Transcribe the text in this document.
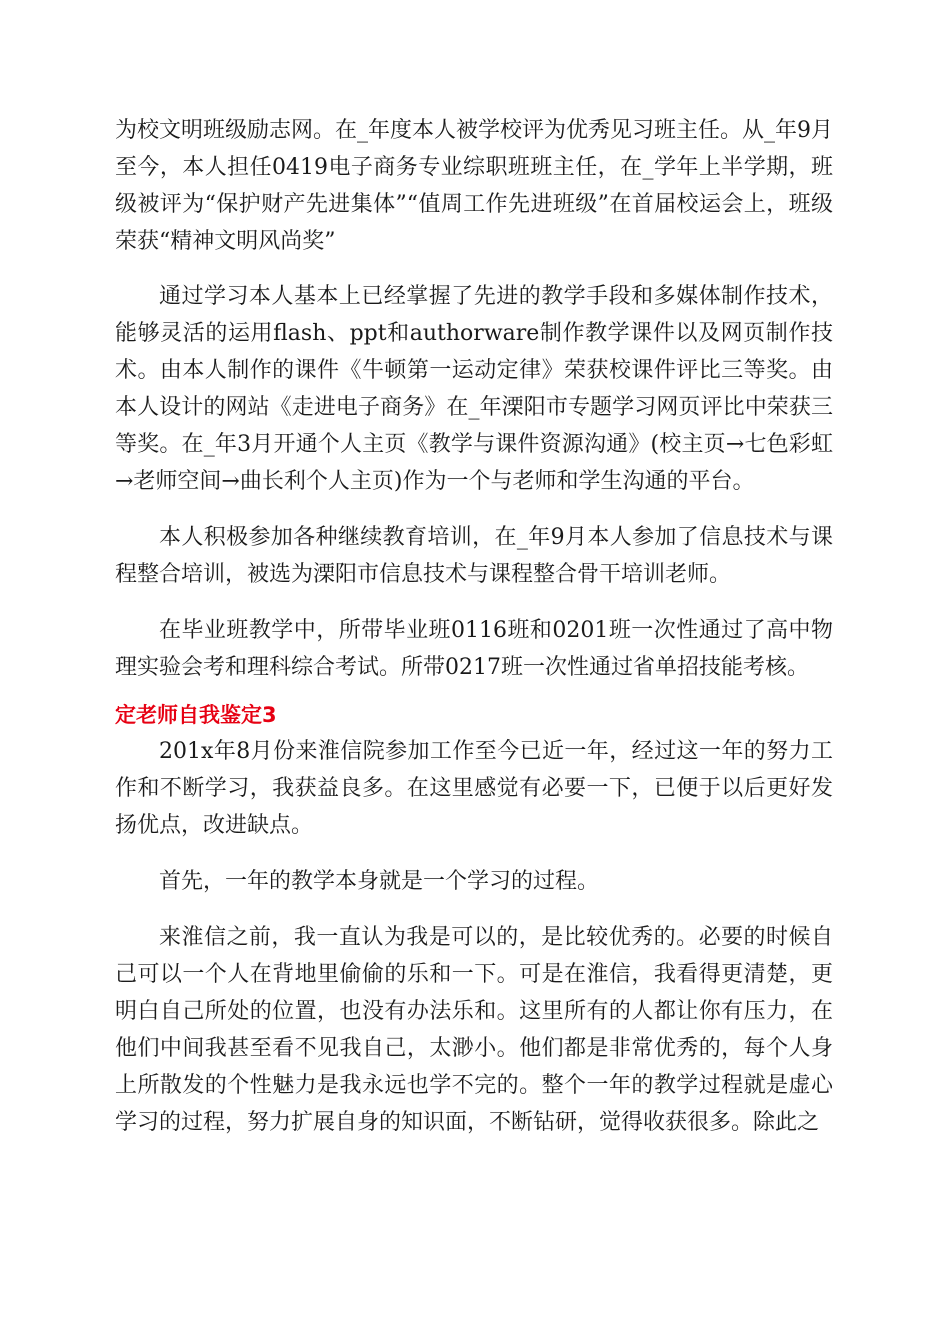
为校文明班级励志网。在_年度本人被学校评为优秀见习班主任。从_年9月至今，本人担任0419电子商务专业综职班班主任，在_学年上半学期，班级被评为“保护财产先进集体”“值周工作先进班级”在首届校运会上，班级荣获“精神文明风尚奖”

通过学习本人基本上已经掌握了先进的教学手段和多媒体制作技术，能够灵活的运用flash、ppt和authorware制作教学课件以及网页制作技术。由本人制作的课件《牛顿第一运动定律》荣获校课件评比三等奖。由本人设计的网站《走进电子商务》在_年溧阳市专题学习网页评比中荣获三等奖。在_年3月开通个人主页《教学与课件资源沟通》(校主页→七色彩虹→老师空间→曲长利个人主页)作为一个与老师和学生沟通的平台。

本人积极参加各种继续教育培训，在_年9月本人参加了信息技术与课程整合培训，被选为溧阳市信息技术与课程整合骨干培训老师。

在毕业班教学中，所带毕业班0116班和0201班一次性通过了高中物理实验会考和理科综合考试。所带0217班一次性通过省单招技能考核。

定老师自我鉴定3

201x年8月份来淮信院参加工作至今已近一年，经过这一年的努力工作和不断学习，我获益良多。在这里感觉有必要一下，已便于以后更好发扬优点，改进缺点。

首先，一年的教学本身就是一个学习的过程。

来淮信之前，我一直认为我是可以的，是比较优秀的。必要的时候自己可以一个人在背地里偷偷的乐和一下。可是在淮信，我看得更清楚，更明白自己所处的位置，也没有办法乐和。这里所有的人都让你有压力，在他们中间我甚至看不见我自己，太渺小。他们都是非常优秀的，每个人身上所散发的个性魅力是我永远也学不完的。整个一年的教学过程就是虚心学习的过程，努力扩展自身的知识面，不断钻研，觉得收获很多。除此之
